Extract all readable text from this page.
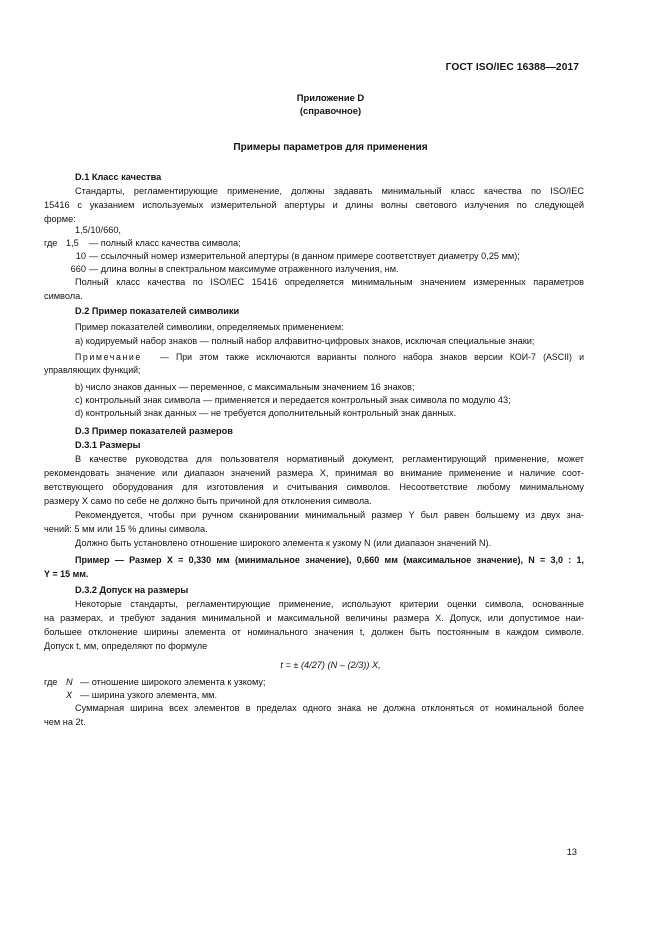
ГОСТ ISO/IEC 16388—2017
Приложение D
(справочное)
Примеры параметров для применения
D.1 Класс качества
Стандарты, регламентирующие применение, должны задавать минимальный класс качества по ISO/IEC
15416 с указанием используемых измерительной апертуры и длины волны светового излучения по следующей
форме:
1,5/10/660,
где 1,5	— полный класс качества символа;
10 — ссылочный номер измерительной апертуры (в данном примере соответствует диаметру 0,25 мм);
660 — длина волны в спектральном максимуме отраженного излучения, нм.
Полный класс качества по ISO/IEC 15416 определяется минимальным значением измеренных параметров
символа.
D.2 Пример показателей символики
Пример показателей символики, определяемых применением:
a) кодируемый набор знаков — полный набор алфавитно-цифровых знаков, исключая специальные знаки;
Примечание	— При этом также исключаются варианты полного набора знаков версии КОИ-7 (ASCII) и
управляющих функций;
b) число знаков данных — переменное, с максимальным значением 16 знаков;
c) контрольный знак символа — применяется и передается контрольный знак символа по модулю 43;
d) контрольный знак данных — не требуется дополнительный контрольный знак данных.
D.3 Пример показателей размеров
D.3.1 Размеры
В качестве руководства для пользователя нормативный документ, регламентирующий применение, может
рекомендовать значение или диапазон значений размера X, принимая во внимание применение и наличие соот-
ветствующего оборудования для изготовления и считывания символов. Несоответствие любому минимальному
размеру X само по себе не должно быть причиной для отклонения символа.
Рекомендуется, чтобы при ручном сканировании минимальный размер Y был равен большему из двух зна-
чений: 5 мм или 15 % длины символа.
Должно быть установлено отношение широкого элемента к узкому N (или диапазон значений N).
Пример — Размер X = 0,330 мм (минимальное значение), 0,660 мм (максимальное значение), N = 3,0 : 1,
Y = 15 мм.
D.3.2 Допуск на размеры
Некоторые стандарты, регламентирующие применение, используют критерии оценки символа, основанные
на размерах, и требуют задания минимальной и максимальной величины размера X. Допуск, или допустимое наи-
большее отклонение ширины элемента от номинального значения t, должен быть постоянным в каждом символе.
Допуск t, мм, определяют по формуле
t = ± (4/27) (N – (2/3)) X,
где N — отношение широкого элемента к узкому;
X — ширина узкого элемента, мм.
Суммарная ширина всех элементов в пределах одного знака не должна отклоняться от номинальной более
чем на 2t.
13
